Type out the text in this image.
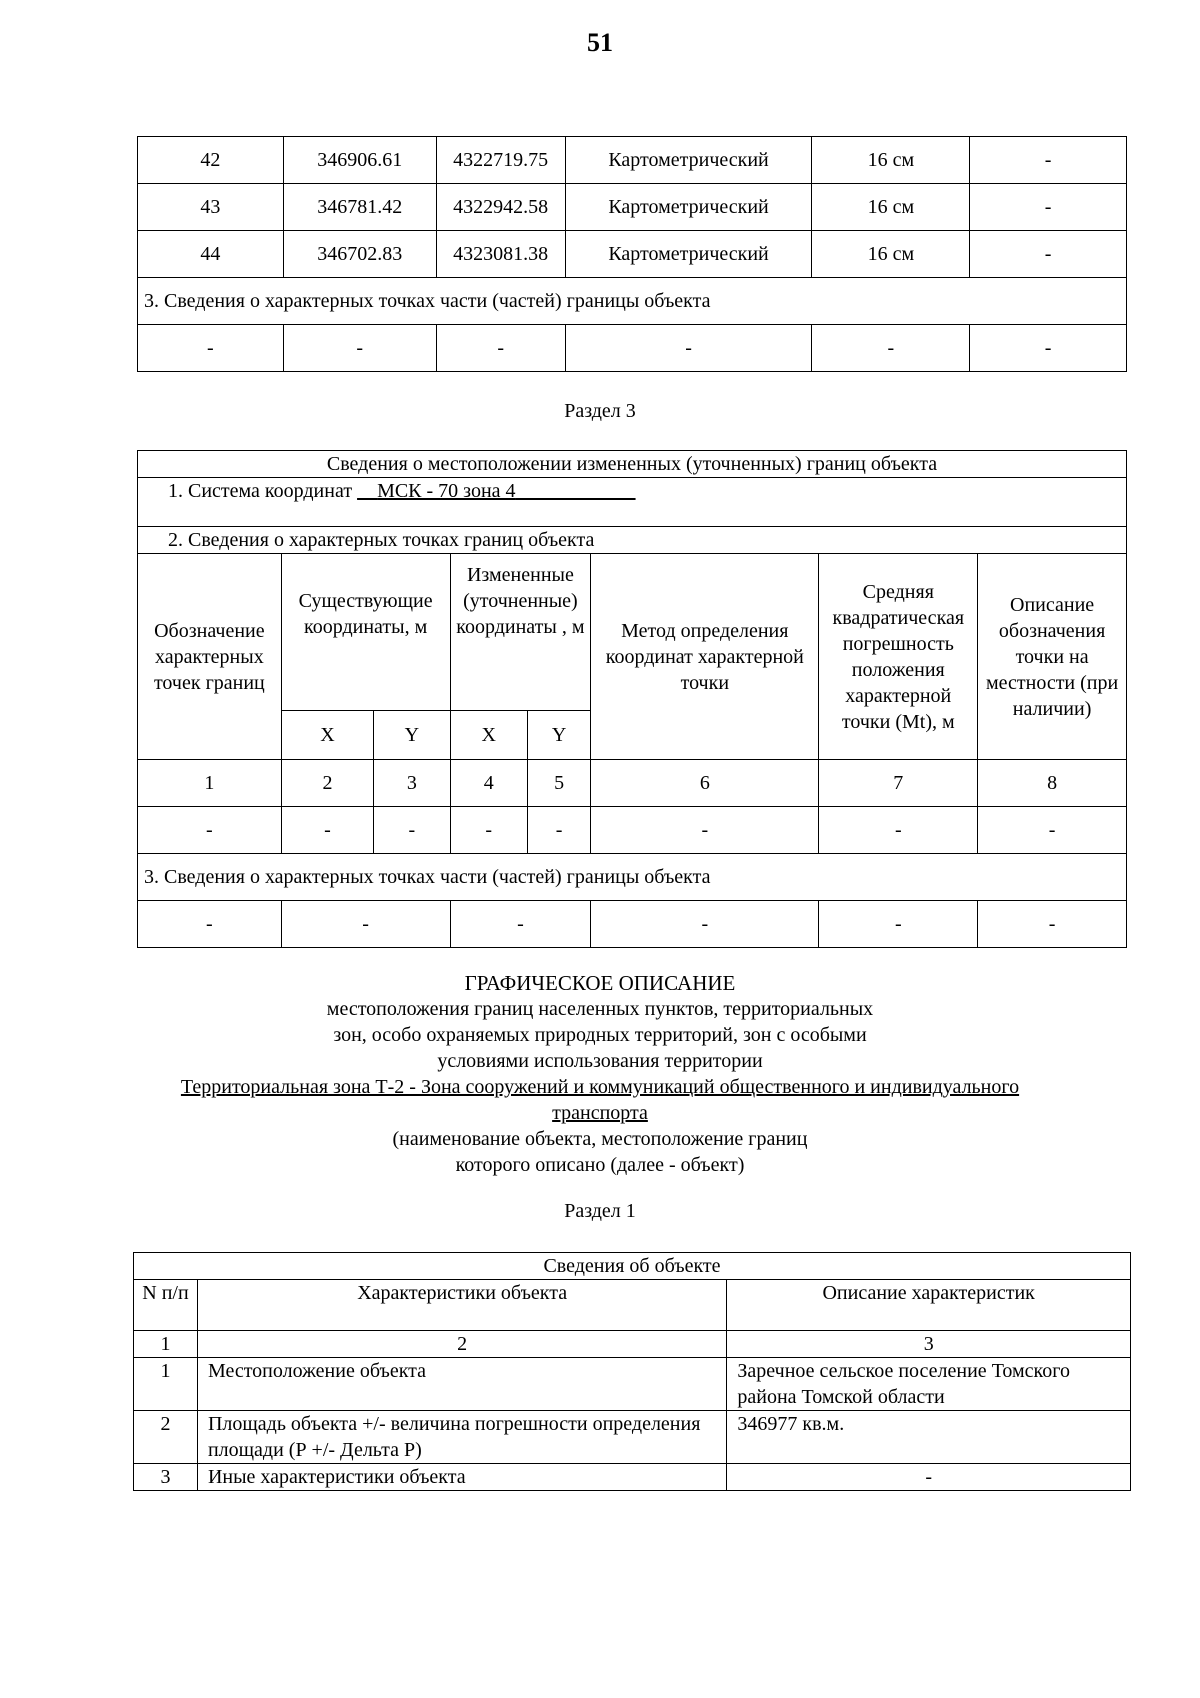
51
42	346906.61	4322719.75	Картометрический	16 см	-
43	346781.42	4322942.58	Картометрический	16 см	-
44	346702.83	4323081.38	Картометрический	16 см	-
3. Сведения о характерных точках части (частей) границы объекта					
-	-	-	-	-	-
Раздел 3
Сведения о местоположении измененных (уточненных) границ объекта							
1. Система координат МСК - 70 зона 4							
2. Сведения о характерных точках границ объекта							
Обозначение характерных точек границ	Существующие координаты, м		Измененные (уточненные) координаты , м		Метод определения координат характерной точки	Средняя квадратическая погрешность положения характерной точки (Mt), м	Описание обозначения точки на местности (при наличии)
	X	Y	X	Y			
1	2	3	4	5	6	7	8
-	-	-	-	-	-	-	-
3. Сведения о характерных точках части (частей) границы объекта							
-	-		-		-	-	-
ГРАФИЧЕСКОЕ ОПИСАНИЕ
местоположения границ населенных пунктов, территориальных
зон, особо охраняемых природных территорий, зон с особыми
условиями использования территории
Территориальная зона Т-2 - Зона сооружений и коммуникаций общественного и индивидуального
транспорта
(наименование объекта, местоположение границ
которого описано (далее - объект)
Раздел 1
Сведения об объекте		
N п/п	Характеристики объекта	Описание характеристик
1	2	3
1	Местоположение объекта	Заречное сельское поселение Томского района Томской области
2	Площадь объекта +/- величина погрешности определения площади (Р +/- Дельта Р)	346977 кв.м.
3	Иные характеристики объекта	-
